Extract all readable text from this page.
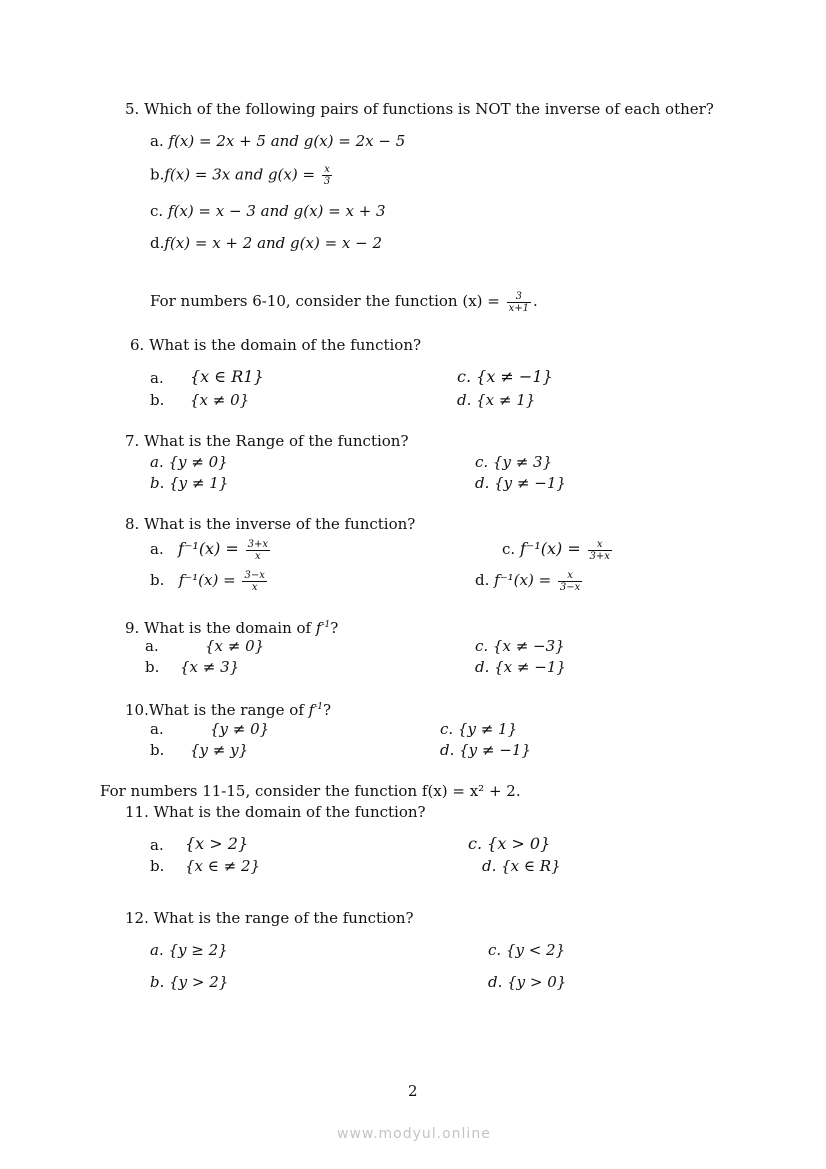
5. Which of the following pairs of functions is NOT the inverse of each other?
a. f(x) = 2x + 5 and g(x) = 2x − 5
b.f(x) = 3x and $g(x) = \frac{x}{3}$
c. f(x) = x − 3 and g(x) = x + 3
d.f(x) = x + 2 and g(x) = x − 2
For numbers 6-10, consider the function $(x) = \frac{3}{x+1}$ .
6. What is the domain of the function?
a. {x ∈ R1}
b. {x ≠ 0}
c. {x ≠ −1}
d. {x ≠ 1}
7. What is the Range of the function?
a. {y ≠ 0}
b. {y ≠ 1}
c. {y ≠ 3}
d. {y ≠ −1}
8. What is the inverse of the function?
a. $f^{-1}(x) = \frac{3+x}{x}$
b. $f^{-1}(x) = \frac{3-x}{x}$
c. $f^{-1}(x) = \frac{x}{3+x}$
d. $f^{-1}(x) = \frac{x}{3-x}$
9. What is the domain of $f^{-1}$?
a.	{x ≠ 0}
b. {x ≠ 3}
c. {x ≠ −3}
d. {x ≠ −1}
10.What is the range of $f^{-1}$?
a.	{y ≠ 0}
b. {y ≠ y}
c. {y ≠ 1}
d. {y ≠ −1}
For numbers 11-15, consider the function f(x) = x² + 2.
11. What is the domain of the function?
a. {x > 2}
b. {x ∈ ≠ 2}
c. {x > 0}
d. {x ∈ R}
12. What is the range of the function?
a. {y ≥ 2}
b. {y > 2}
c. {y < 2}
d. {y > 0}
2
www.modyul.online
